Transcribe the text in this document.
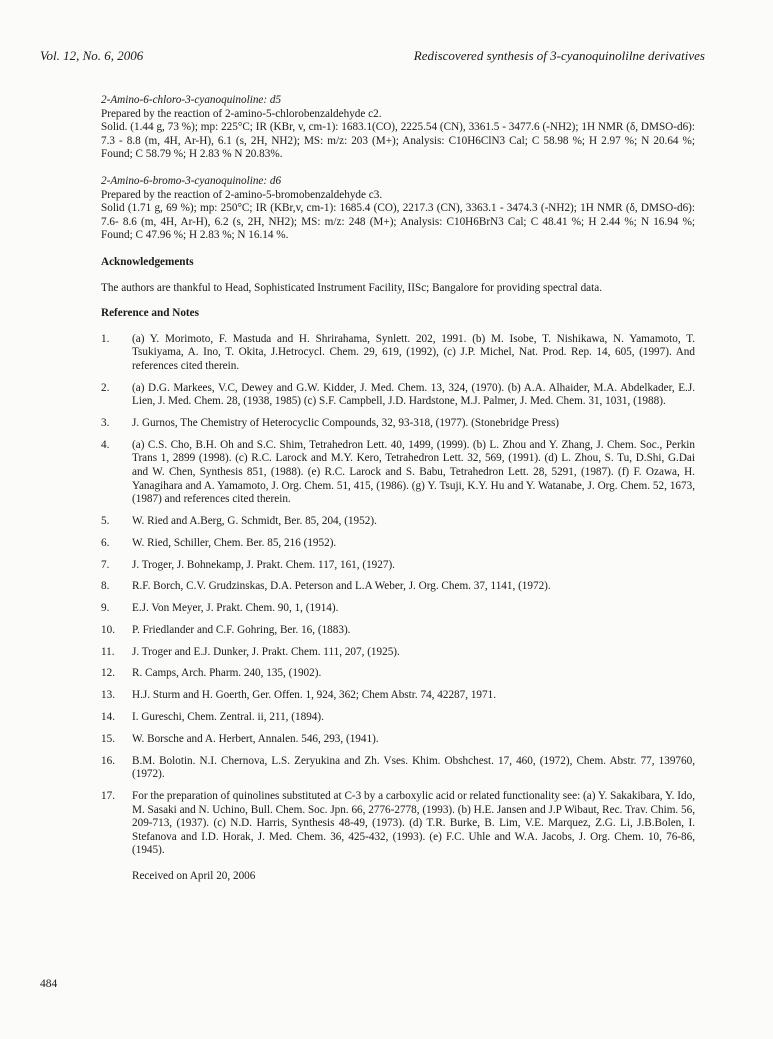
Vol. 12, No. 6, 2006	Rediscovered synthesis of 3-cyanoquinolilne derivatives

2-Amino-6-chloro-3-cyanoquinoline: d5

Prepared by the reaction of 2-amino-5-chlorobenzaldehyde c2.

Solid. (1.44 g, 73 %); mp: 225°C; IR (KBr, v, cm-1): 1683.1(CO), 2225.54 (CN), 3361.5 - 3477.6 (-NH2); 1H NMR (δ, DMSO-d6): 7.3 - 8.8 (m, 4H, Ar-H), 6.1 (s, 2H, NH2); MS: m/z: 203 (M+); Analysis: C10H6ClN3 Cal; C 58.98 %; H 2.97 %; N 20.64 %; Found; C 58.79 %; H 2.83 % N 20.83%.

2-Amino-6-bromo-3-cyanoquinoline: d6

Prepared by the reaction of 2-amino-5-bromobenzaldehyde c3.

Solid (1.71 g, 69 %); mp: 250°C; IR (KBr,v, cm-1): 1685.4 (CO), 2217.3 (CN), 3363.1 - 3474.3 (-NH2); 1H NMR (δ, DMSO-d6): 7.6- 8.6 (m, 4H, Ar-H), 6.2 (s, 2H, NH2); MS: m/z: 248 (M+); Analysis: C10H6BrN3 Cal; C 48.41 %; H 2.44 %; N 16.94 %; Found; C 47.96 %; H 2.83 %; N 16.14 %.

Acknowledgements

The authors are thankful to Head, Sophisticated Instrument Facility, IISc; Bangalore for providing spectral data.

Reference and Notes

1. (a) Y. Morimoto, F. Mastuda and H. Shrirahama, Synlett. 202, 1991. (b) M. Isobe, T. Nishikawa, N. Yamamoto, T. Tsukiyama, A. Ino, T. Okita, J.Hetrocycl. Chem. 29, 619, (1992), (c) J.P. Michel, Nat. Prod. Rep. 14, 605, (1997). And references cited therein.
2. (a) D.G. Markees, V.C, Dewey and G.W. Kidder, J. Med. Chem. 13, 324, (1970). (b) A.A. Alhaider, M.A. Abdelkader, E.J. Lien, J. Med. Chem. 28, (1938, 1985) (c) S.F. Campbell, J.D. Hardstone, M.J. Palmer, J. Med. Chem. 31, 1031, (1988).
3. J. Gurnos, The Chemistry of Heterocyclic Compounds, 32, 93-318, (1977). (Stonebridge Press)
4. (a) C.S. Cho, B.H. Oh and S.C. Shim, Tetrahedron Lett. 40, 1499, (1999). (b) L. Zhou and Y. Zhang, J. Chem. Soc., Perkin Trans 1, 2899 (1998). (c) R.C. Larock and M.Y. Kero, Tetrahedron Lett. 32, 569, (1991). (d) L. Zhou, S. Tu, D.Shi, G.Dai and W. Chen, Synthesis 851, (1988). (e) R.C. Larock and S. Babu, Tetrahedron Lett. 28, 5291, (1987). (f) F. Ozawa, H. Yanagihara and A. Yamamoto, J. Org. Chem. 51, 415, (1986). (g) Y. Tsuji, K.Y. Hu and Y. Watanabe, J. Org. Chem. 52, 1673, (1987) and references cited therein.
5. W. Ried and A.Berg, G. Schmidt, Ber. 85, 204, (1952).
6. W. Ried, Schiller, Chem. Ber. 85, 216 (1952).
7. J. Troger, J. Bohnekamp, J. Prakt. Chem. 117, 161, (1927).
8. R.F. Borch, C.V. Grudzinskas, D.A. Peterson and L.A Weber, J. Org. Chem. 37, 1141, (1972).
9. E.J. Von Meyer, J. Prakt. Chem. 90, 1, (1914).
10. P. Friedlander and C.F. Gohring, Ber. 16, (1883).
11. J. Troger and E.J. Dunker, J. Prakt. Chem. 111, 207, (1925).
12. R. Camps, Arch. Pharm. 240, 135, (1902).
13. H.J. Sturm and H. Goerth, Ger. Offen. 1, 924, 362; Chem Abstr. 74, 42287, 1971.
14. I. Gureschi, Chem. Zentral. ii, 211, (1894).
15. W. Borsche and A. Herbert, Annalen. 546, 293, (1941).
16. B.M. Bolotin. N.I. Chernova, L.S. Zeryukina and Zh. Vses. Khim. Obshchest. 17, 460, (1972), Chem. Abstr. 77, 139760, (1972).
17. For the preparation of quinolines substituted at C-3 by a carboxylic acid or related functionality see: (a) Y. Sakakibara, Y. Ido, M. Sasaki and N. Uchino, Bull. Chem. Soc. Jpn. 66, 2776-2778, (1993). (b) H.E. Jansen and J.P Wibaut, Rec. Trav. Chim. 56, 209-713, (1937). (c) N.D. Harris, Synthesis 48-49, (1973). (d) T.R. Burke, B. Lim, V.E. Marquez, Z.G. Li, J.B.Bolen, I. Stefanova and I.D. Horak, J. Med. Chem. 36, 425-432, (1993). (e) F.C. Uhle and W.A. Jacobs, J. Org. Chem. 10, 76-86, (1945).

Received on April 20, 2006

484
